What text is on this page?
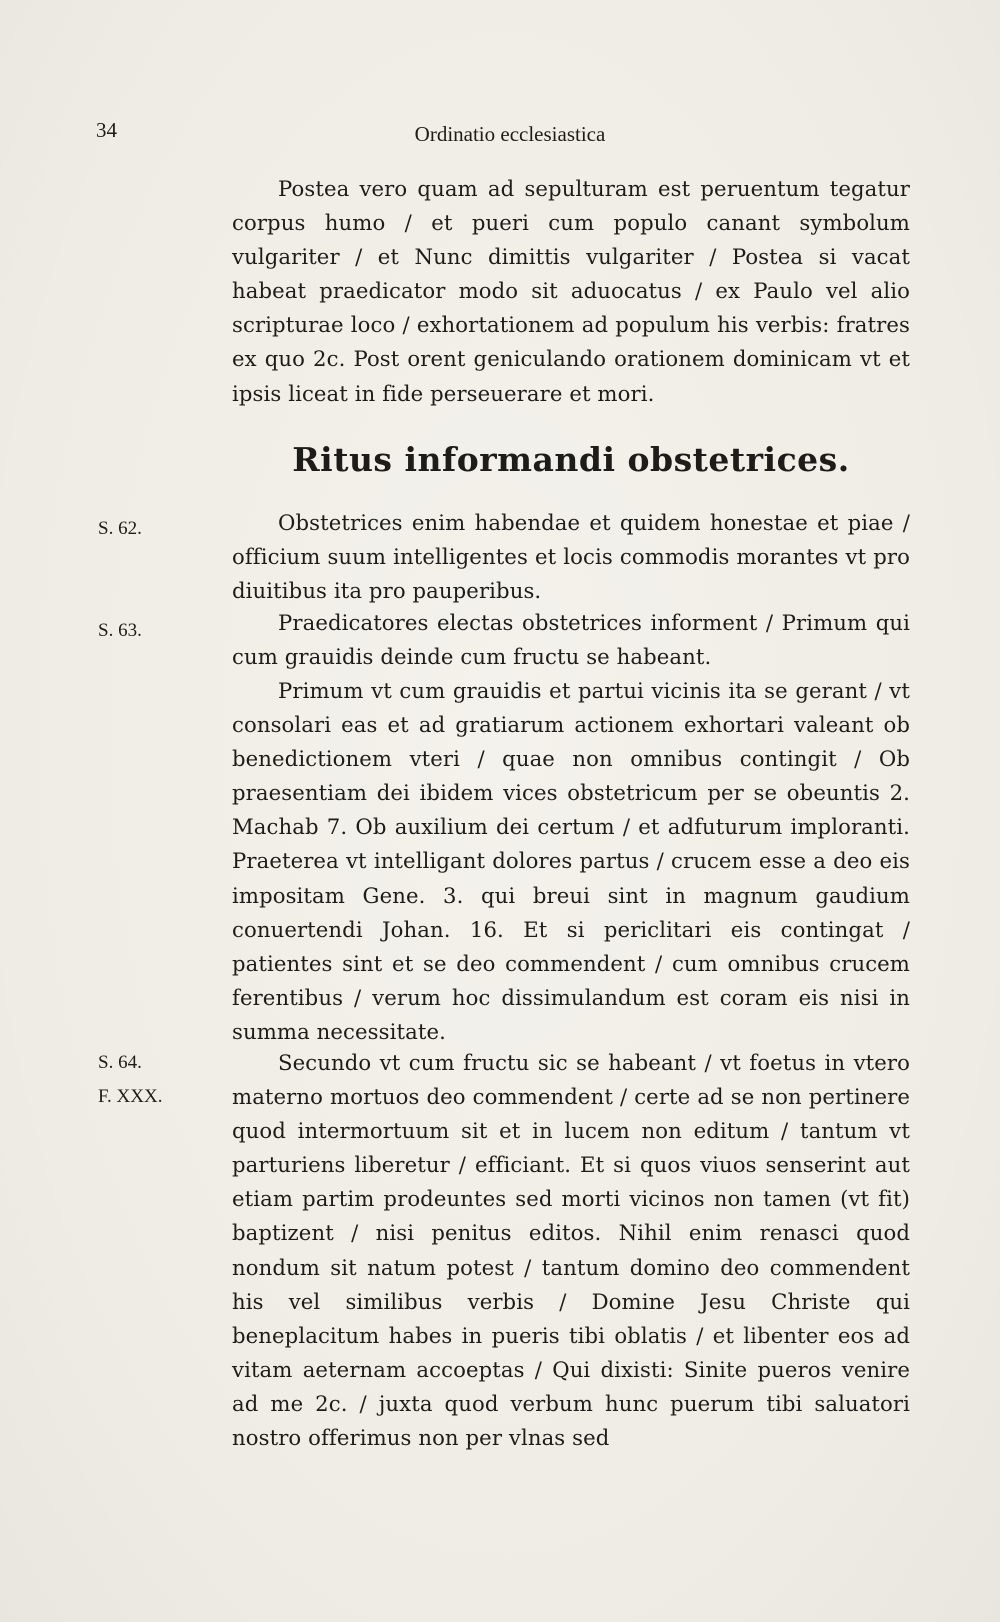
34	Ordinatio ecclesiastica

Postea vero quam ad sepulturam est peruentum tegatur corpus humo / et pueri cum populo canant symbolum vulgariter / et Nunc dimittis vulgariter / Postea si vacat habeat praedicator modo sit aduocatus / ex Paulo vel alio scripturae loco / exhortationem ad populum his verbis: fratres ex quo 2c. Post orent geniculando orationem dominicam vt et ipsis liceat in fide perseuerare et mori.

Ritus informandi obstetrices.
S. 62.	Obstetrices enim habendae et quidem honestae et piae / officium suum intelligentes et locis commodis morantes vt pro diuitibus ita pro pauperibus.

S. 63.	Praedicatores electas obstetrices informent / Primum qui cum grauidis deinde cum fructu se habeant.

Primum vt cum grauidis et partui vicinis ita se gerant / vt consolari eas et ad gratiarum actionem exhortari valeant ob benedictionem vteri / quae non omnibus contingit / Ob praesentiam dei ibidem vices obstetricum per se obeuntis 2. Machab 7. Ob auxilium dei certum / et adfuturum implorantі. Praeterea vt intelligant dolores partus / crucem esse a deo eis impositam Gene. 3. qui breui sint in magnum gaudium conuertendi Johan. 16. Et si periclitari eis contingat / patientes sint et se deo commendent / cum omnibus crucem ferentibus / verum hoc dissimulandum est coram eis nisi in summa necessitate.

S. 64.
F. XXX.

Secundo vt cum fructu sic se habeant / vt foetus in vtero materno mortuos deo commendent / certe ad se non pertinere quod intermortuum sit et in lucem non editum / tantum vt parturiens liberetur / efficiant. Et si quos viuos senserint aut etiam partim prodeuntes sed morti vicinos non tamen (vt fit) baptizent / nisi penitus editos. Nihil enim renasci quod nondum sit natum potest / tantum domino deo commendent his vel similibus verbis / Domine Jesu Christe qui beneplacitum habes in pueris tibi oblatis / et libenter eos ad vitam aeternam accoeptas / Qui dixisti: Sinite pueros venire ad me 2c. / juxta quod verbum hunc puerum tibi saluatori nostro offerimus non per vlnas sed
